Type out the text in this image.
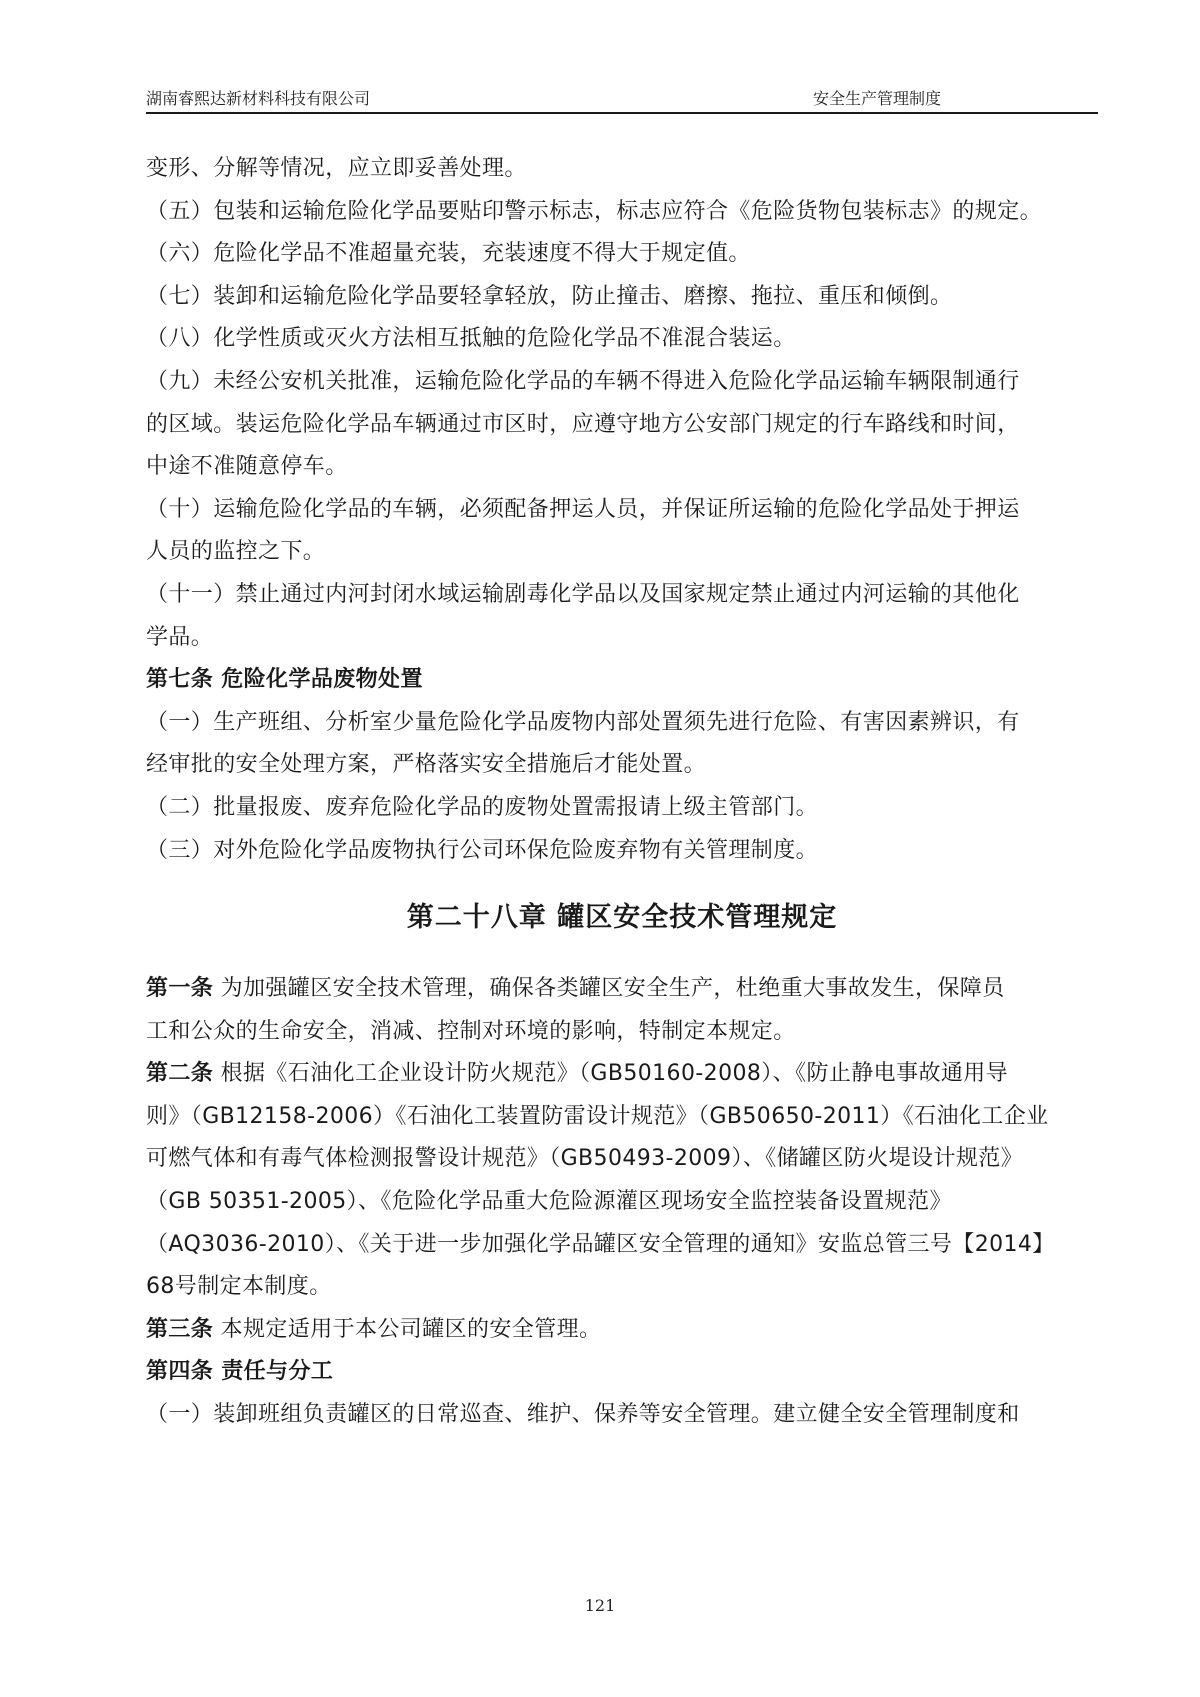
湖南睿熙达新材料科技有限公司	安全生产管理制度

变形、分解等情况，应立即妥善处理。

（五）包装和运输危险化学品要贴印警示标志，标志应符合《危险货物包装标志》的规定。

（六）危险化学品不准超量充装，充装速度不得大于规定值。

（七）装卸和运输危险化学品要轻拿轻放，防止撞击、磨擦、拖拉、重压和倾倒。

（八）化学性质或灭火方法相互抵触的危险化学品不准混合装运。

（九）未经公安机关批准，运输危险化学品的车辆不得进入危险化学品运输车辆限制通行

的区域。装运危险化学品车辆通过市区时，应遵守地方公安部门规定的行车路线和时间，

中途不准随意停车。

（十）运输危险化学品的车辆，必须配备押运人员，并保证所运输的危险化学品处于押运

人员的监控之下。

（十一）禁止通过内河封闭水域运输剧毒化学品以及国家规定禁止通过内河运输的其他化

学品。

第七条 危险化学品废物处置

（一）生产班组、分析室少量危险化学品废物内部处置须先进行危险、有害因素辨识，有

经审批的安全处理方案，严格落实安全措施后才能处置。

（二）批量报废、废弃危险化学品的废物处置需报请上级主管部门。

（三）对外危险化学品废物执行公司环保危险废弃物有关管理制度。

第二十八章 罐区安全技术管理规定

第一条 为加强罐区安全技术管理，确保各类罐区安全生产，杜绝重大事故发生，保障员

工和公众的生命安全，消减、控制对环境的影响，特制定本规定。

第二条 根据《石油化工企业设计防火规范》（GB50160-2008）、《防止静电事故通用导

则》（GB12158-2006）《石油化工装置防雷设计规范》（GB50650-2011）《石油化工企业

可燃气体和有毒气体检测报警设计规范》（GB50493-2009）、《储罐区防火堤设计规范》

（GB 50351-2005）、《危险化学品重大危险源灌区现场安全监控装备设置规范》

（AQ3036-2010）、《关于进一步加强化学品罐区安全管理的通知》安监总管三号【2014】

68号制定本制度。

第三条 本规定适用于本公司罐区的安全管理。

第四条 责任与分工

（一）装卸班组负责罐区的日常巡查、维护、保养等安全管理。建立健全安全管理制度和

121
